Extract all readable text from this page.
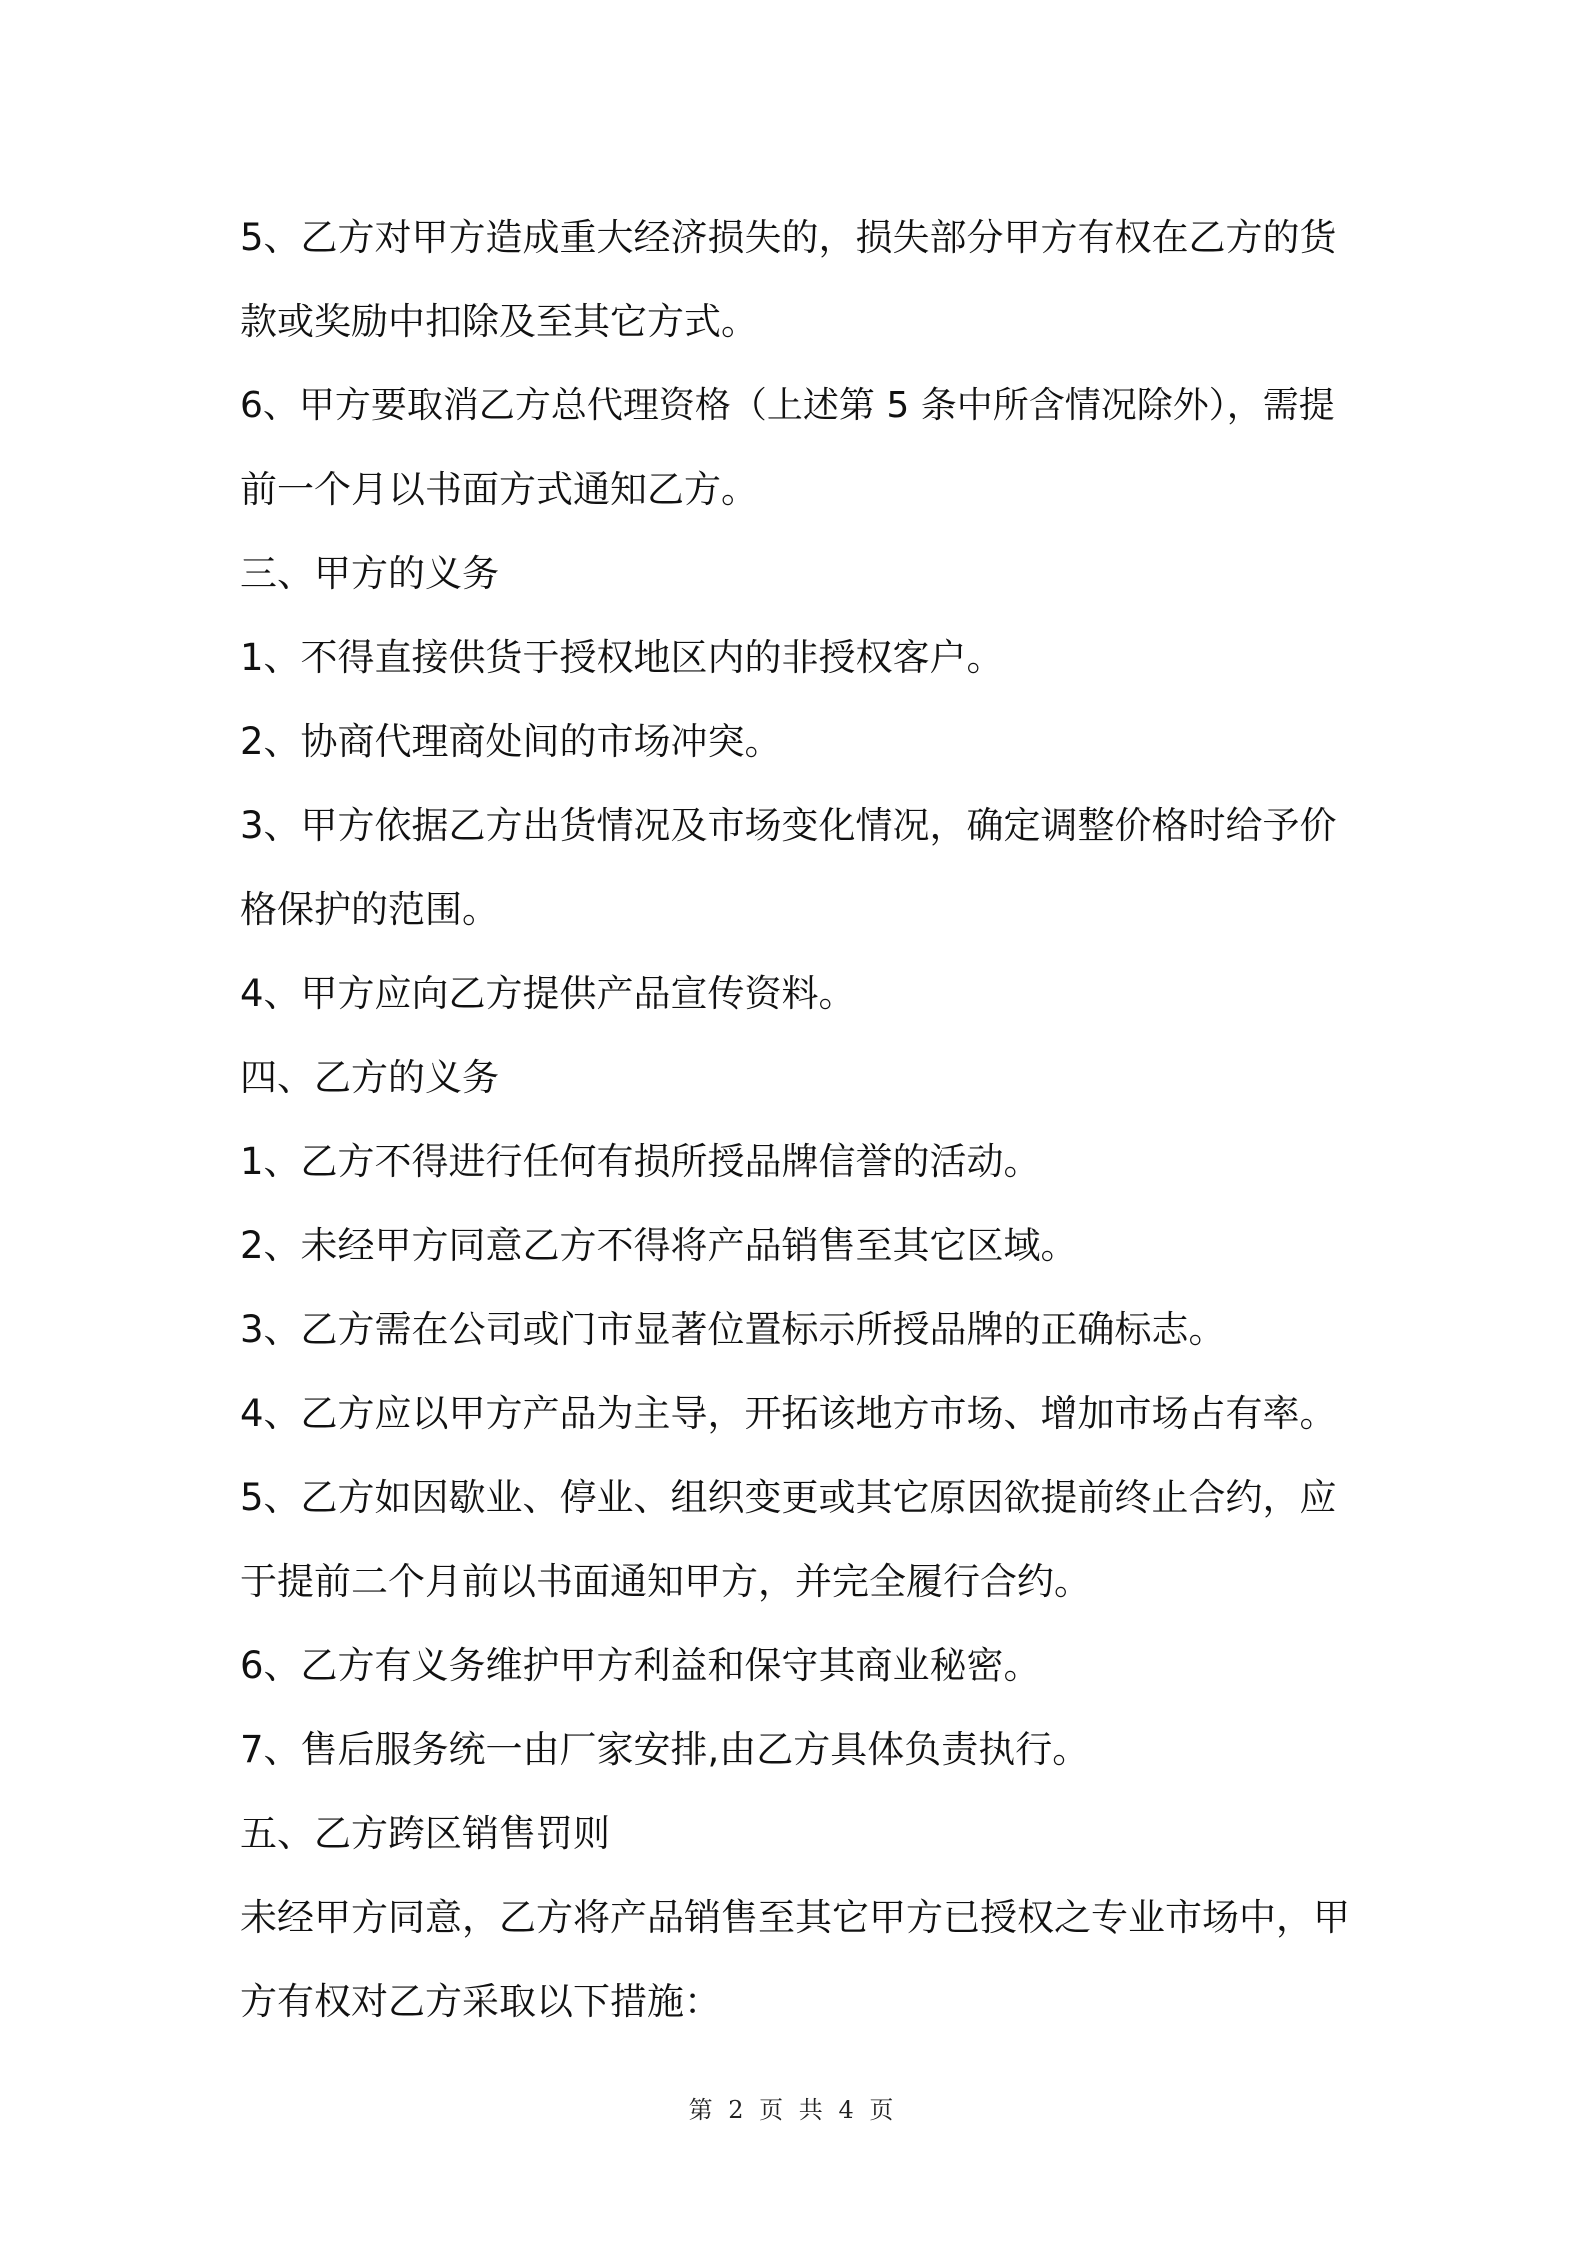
5、乙方对甲方造成重大经济损失的，损失部分甲方有权在乙方的货
款或奖励中扣除及至其它方式。
6、甲方要取消乙方总代理资格（上述第 5 条中所含情况除外），需提
前一个月以书面方式通知乙方。
三、甲方的义务
1、不得直接供货于授权地区内的非授权客户。
2、协商代理商处间的市场冲突。
3、甲方依据乙方出货情况及市场变化情况，确定调整价格时给予价
格保护的范围。
4、甲方应向乙方提供产品宣传资料。
四、乙方的义务
1、乙方不得进行任何有损所授品牌信誉的活动。
2、未经甲方同意乙方不得将产品销售至其它区域。
3、乙方需在公司或门市显著位置标示所授品牌的正确标志。
4、乙方应以甲方产品为主导，开拓该地方市场、增加市场占有率。
5、乙方如因歇业、停业、组织变更或其它原因欲提前终止合约，应
于提前二个月前以书面通知甲方，并完全履行合约。
6、乙方有义务维护甲方利益和保守其商业秘密。
7、售后服务统一由厂家安排,由乙方具体负责执行。
五、乙方跨区销售罚则
未经甲方同意，乙方将产品销售至其它甲方已授权之专业市场中，甲
方有权对乙方采取以下措施：
第 2 页 共 4 页
